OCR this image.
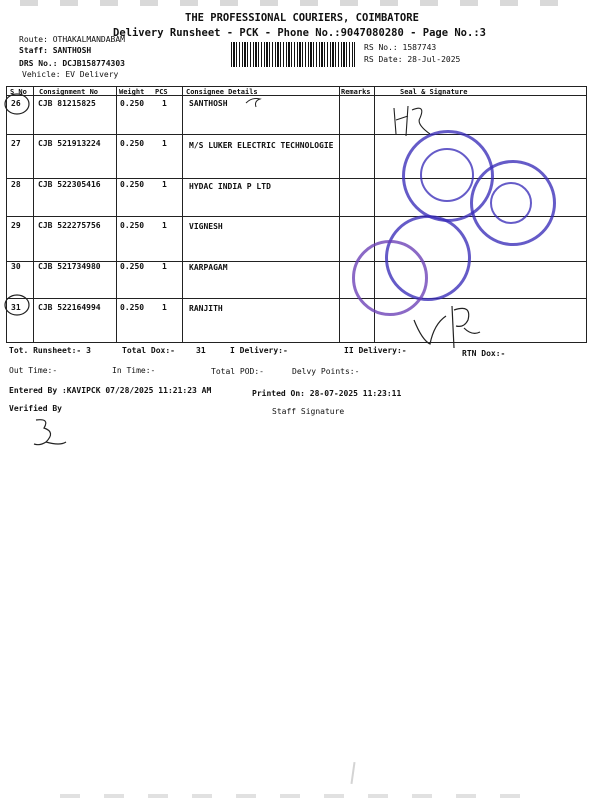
THE PROFESSIONAL COURIERS, COIMBATORE
Delivery Runsheet - PCK - Phone No.:9047080280 - Page No.:3
Route: OTHAKALMANDABAM
Staff: SANTHOSH
DRS No.: DCJB158774303
Vehicle: EV Delivery
RS No.: 1587743
RS Date: 28-Jul-2025
S No Consignment No	Weight PCS	Consignee Details	Remarks	Seal & Signature
26 CJB 81215825	0.250 1	SANTHOSH
27 CJB 521913224 0.250 1	M/S LUKER ELECTRIC TECHNOLOGIE
28 CJB 522305416 0.250 1	HYDAC INDIA P LTD
29 CJB 522275756 0.250 1	VIGNESH
30 CJB 521734980 0.250 1	KARPAGAM
31 CJB 522164994 0.250 1	RANJITH
Tot. Runsheet:- 3	Total Dox:-	31	I Delivery:-	II Delivery:-	RTN Dox:-
Out Time:-	In Time:-	Total POD:-	Delvy Points:-
Entered By :KAVIPCK 07/28/2025 11:21:23 AM	Printed On: 28-07-2025 11:23:11
Verified By	Staff Signature
